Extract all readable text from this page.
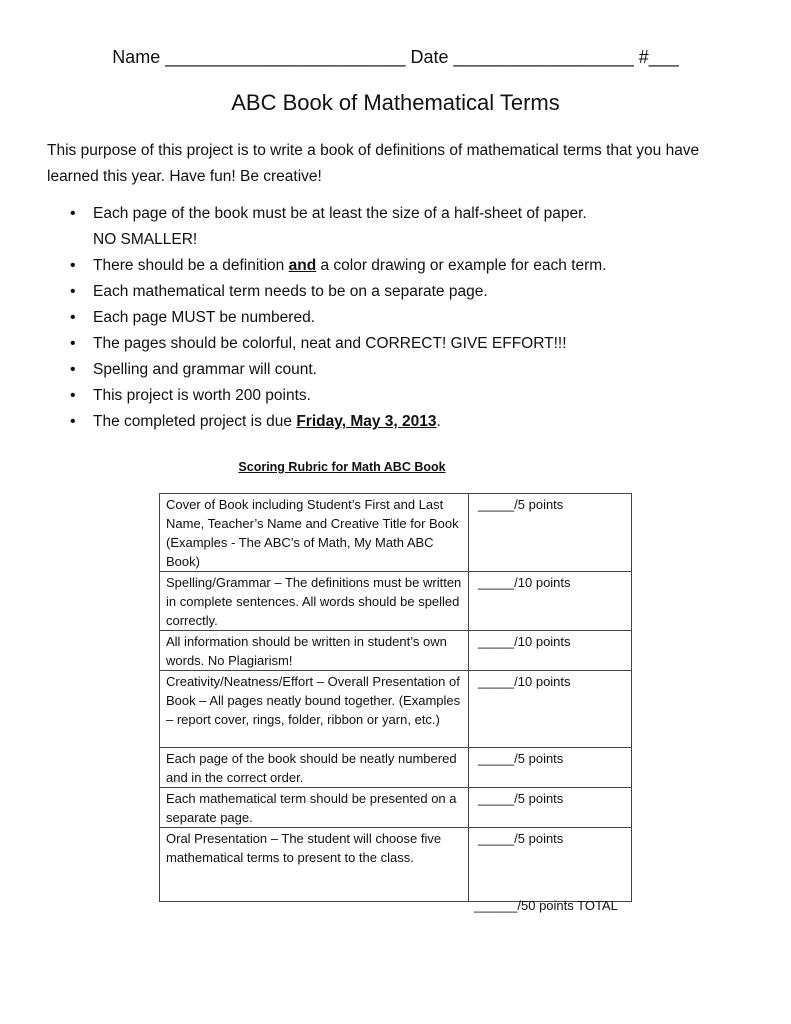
Name ________________________ Date __________________ #___
ABC Book of Mathematical Terms
This purpose of this project is to write a book of definitions of mathematical terms that you have learned this year. Have fun! Be creative!
• Each page of the book must be at least the size of a half-sheet of paper.
NO SMALLER!
• There should be a definition and a color drawing or example for each term.
• Each mathematical term needs to be on a separate page.
• Each page MUST be numbered.
• The pages should be colorful, neat and CORRECT! GIVE EFFORT!!!
• Spelling and grammar will count.
• This project is worth 200 points.
• The completed project is due Friday, May 3, 2013.
Scoring Rubric for Math ABC Book
Cover of Book including Student’s First and Last Name, Teacher’s Name and Creative Title for Book (Examples - The ABC’s of Math, My Math ABC Book)	_____/5 points
Spelling/Grammar – The definitions must be written in complete sentences. All words should be spelled correctly.	_____/10 points
All information should be written in student’s own words. No Plagiarism!	_____/10 points
Creativity/Neatness/Effort – Overall Presentation of Book – All pages neatly bound together. (Examples – report cover, rings, folder, ribbon or yarn, etc.)	_____/10 points
Each page of the book should be neatly numbered and in the correct order.	_____/5 points
Each mathematical term should be presented on a separate page.	_____/5 points
Oral Presentation – The student will choose five mathematical terms to present to the class.	_____/5 points
______/50 points TOTAL
